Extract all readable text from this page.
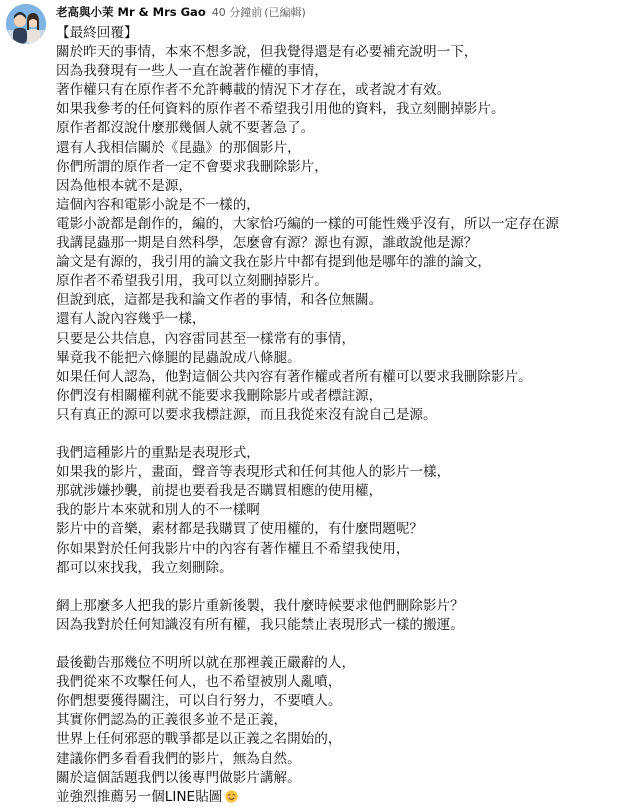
老高與小茉 Mr & Mrs Gao 40 分鐘前 (已編輯)
【最終回覆】
關於昨天的事情，本來不想多說，但我覺得還是有必要補充說明一下，
因為我發現有一些人一直在說著作權的事情，
著作權只有在原作者不允許轉載的情況下才存在，或者說才有效。
如果我參考的任何資料的原作者不希望我引用他的資料，我立刻刪掉影片。
原作者都沒說什麼那幾個人就不要著急了。
還有人我相信關於《昆蟲》的那個影片，
你們所謂的原作者一定不會要求我刪除影片，
因為他根本就不是源，
這個內容和電影小說是不一樣的，
電影小說都是創作的，編的，大家恰巧編的一樣的可能性幾乎沒有，所以一定存在源
我講昆蟲那一期是自然科學，怎麼會有源？源也有源，誰敢說他是源？
論文是有源的，我引用的論文我在影片中都有提到他是哪年的誰的論文，
原作者不希望我引用，我可以立刻刪掉影片。
但說到底，這都是我和論文作者的事情，和各位無關。
還有人說內容幾乎一樣，
只要是公共信息，內容雷同甚至一樣常有的事情，
畢竟我不能把六條腿的昆蟲說成八條腿。
如果任何人認為，他對這個公共內容有著作權或者所有權可以要求我刪除影片。
你們沒有相關權利就不能要求我刪除影片或者標註源，
只有真正的源可以要求我標註源，而且我從來沒有說自己是源。
我們這種影片的重點是表現形式，
如果我的影片，畫面，聲音等表現形式和任何其他人的影片一樣，
那就涉嫌抄襲，前提也要看我是否購買相應的使用權，
我的影片本來就和別人的不一樣啊
影片中的音樂，素材都是我購買了使用權的，有什麼問題呢？
你如果對於任何我影片中的內容有著作權且不希望我使用，
都可以來找我，我立刻刪除。
網上那麼多人把我的影片重新後製，我什麼時候要求他們刪除影片？
因為我對於任何知識沒有所有權，我只能禁止表現形式一樣的搬運。
最後勸告那幾位不明所以就在那裡義正嚴辭的人，
我們從來不攻擊任何人，也不希望被別人亂噴，
你們想要獲得關注，可以自行努力，不要噴人。
其實你們認為的正義很多並不是正義，
世界上任何邪惡的戰爭都是以正義之名開始的，
建議你們多看看我們的影片，無為自然。
關於這個話題我們以後專門做影片講解。
並強烈推薦另一個LINE貼圖
